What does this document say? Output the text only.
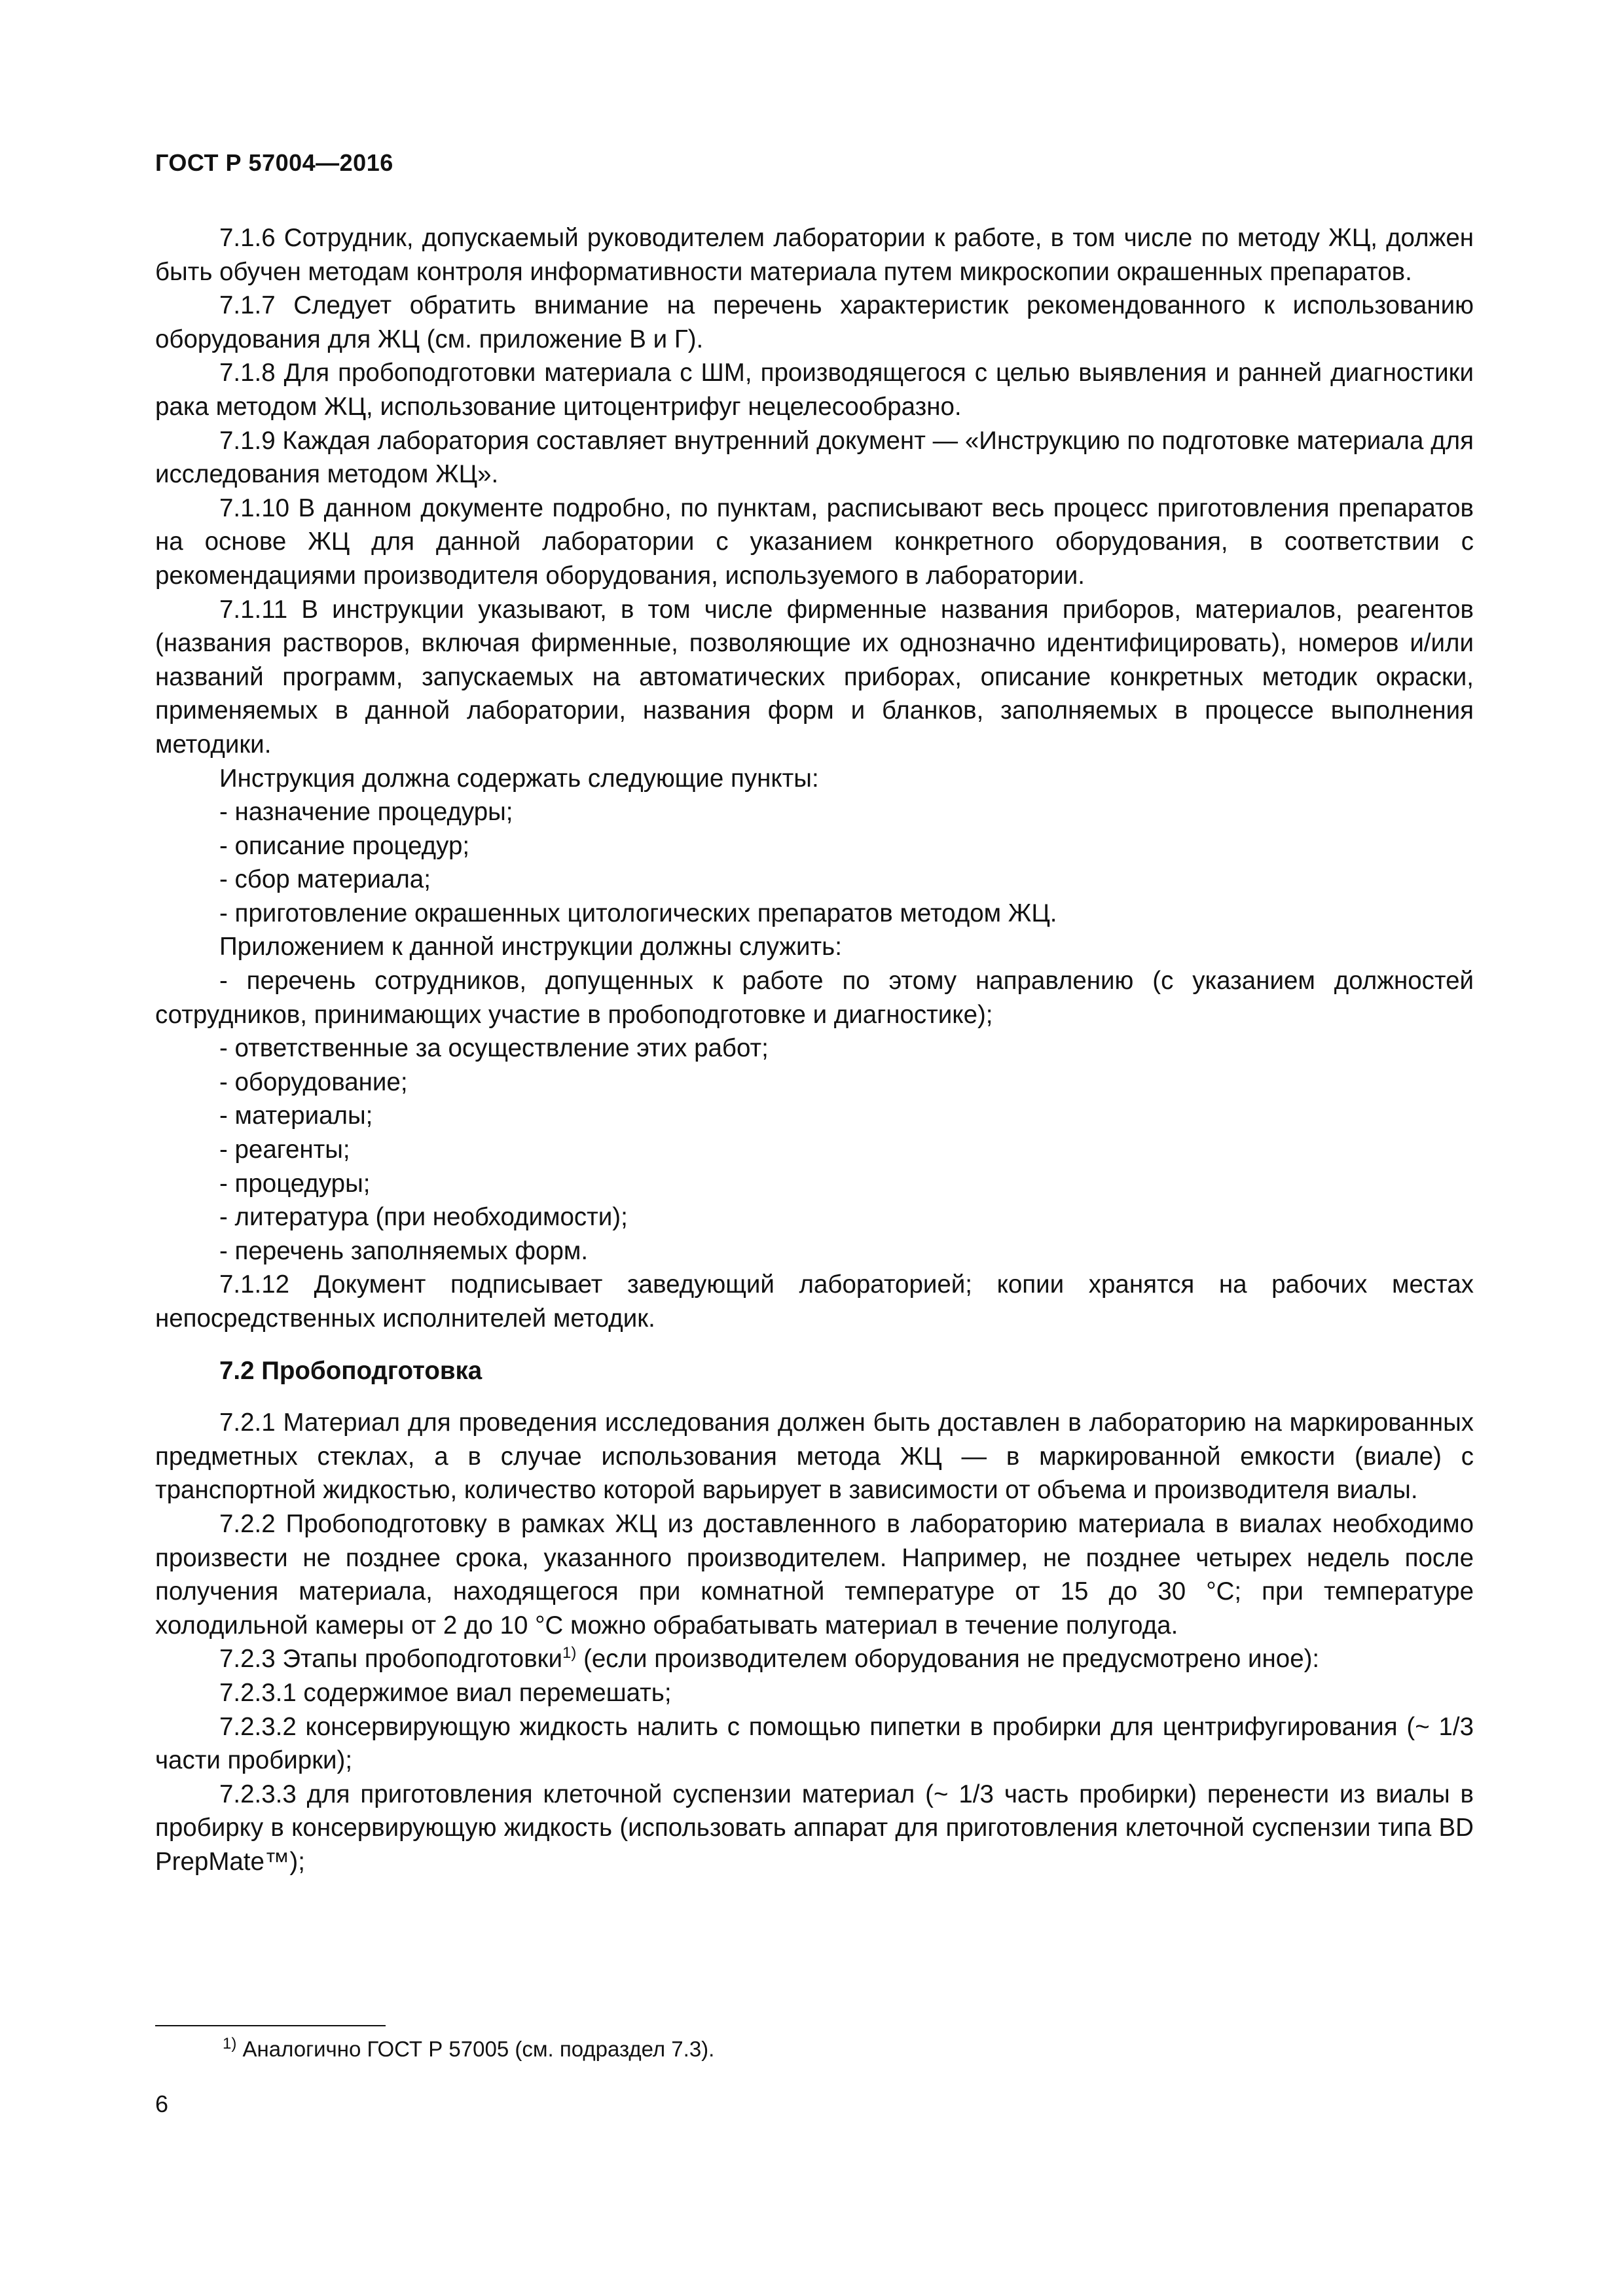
ГОСТ Р 57004—2016

7.1.6 Сотрудник, допускаемый руководителем лаборатории к работе, в том числе по методу ЖЦ, должен быть обучен методам контроля информативности материала путем микроскопии окрашенных препаратов.

7.1.7 Следует обратить внимание на перечень характеристик рекомендованного к использованию оборудования для ЖЦ (см. приложение В и Г).

7.1.8 Для пробоподготовки материала с ШМ, производящегося с целью выявления и ранней диагностики рака методом ЖЦ, использование цитоцентрифуг нецелесообразно.

7.1.9 Каждая лаборатория составляет внутренний документ — «Инструкцию по подготовке материала для исследования методом ЖЦ».

7.1.10 В данном документе подробно, по пунктам, расписывают весь процесс приготовления препаратов на основе ЖЦ для данной лаборатории с указанием конкретного оборудования, в соответствии с рекомендациями производителя оборудования, используемого в лаборатории.

7.1.11 В инструкции указывают, в том числе фирменные названия приборов, материалов, реагентов (названия растворов, включая фирменные, позволяющие их однозначно идентифицировать), номеров и/или названий программ, запускаемых на автоматических приборах, описание конкретных методик окраски, применяемых в данной лаборатории, названия форм и бланков, заполняемых в процессе выполнения методики.

Инструкция должна содержать следующие пункты:

- назначение процедуры;
- описание процедур;
- сбор материала;
- приготовление окрашенных цитологических препаратов методом ЖЦ.

Приложением к данной инструкции должны служить:

- перечень сотрудников, допущенных к работе по этому направлению (с указанием должностей сотрудников, принимающих участие в пробоподготовке и диагностике);
- ответственные за осуществление этих работ;
- оборудование;
- материалы;
- реагенты;
- процедуры;
- литература (при необходимости);
- перечень заполняемых форм.

7.1.12 Документ подписывает заведующий лабораторией; копии хранятся на рабочих местах непосредственных исполнителей методик.

7.2 Пробоподготовка

7.2.1 Материал для проведения исследования должен быть доставлен в лабораторию на маркированных предметных стеклах, а в случае использования метода ЖЦ — в маркированной емкости (виале) с транспортной жидкостью, количество которой варьирует в зависимости от объема и производителя виалы.

7.2.2 Пробоподготовку в рамках ЖЦ из доставленного в лабораторию материала в виалах необходимо произвести не позднее срока, указанного производителем. Например, не позднее четырех недель после получения материала, находящегося при комнатной температуре от 15 до 30 °С; при температуре холодильной камеры от 2 до 10 °С можно обрабатывать материал в течение полугода.

7.2.3 Этапы пробоподготовки$^{1)}$ (если производителем оборудования не предусмотрено иное):

7.2.3.1 содержимое виал перемешать;

7.2.3.2 консервирующую жидкость налить с помощью пипетки в пробирки для центрифугирования (~ 1/3 части пробирки);

7.2.3.3 для приготовления клеточной суспензии материал (~ 1/3 часть пробирки) перенести из виалы в пробирку в консервирующую жидкость (использовать аппарат для приготовления клеточной суспензии типа BD PrepMate™);

$^{1)}$ Аналогично ГОСТ Р 57005 (см. подраздел 7.3).
6
